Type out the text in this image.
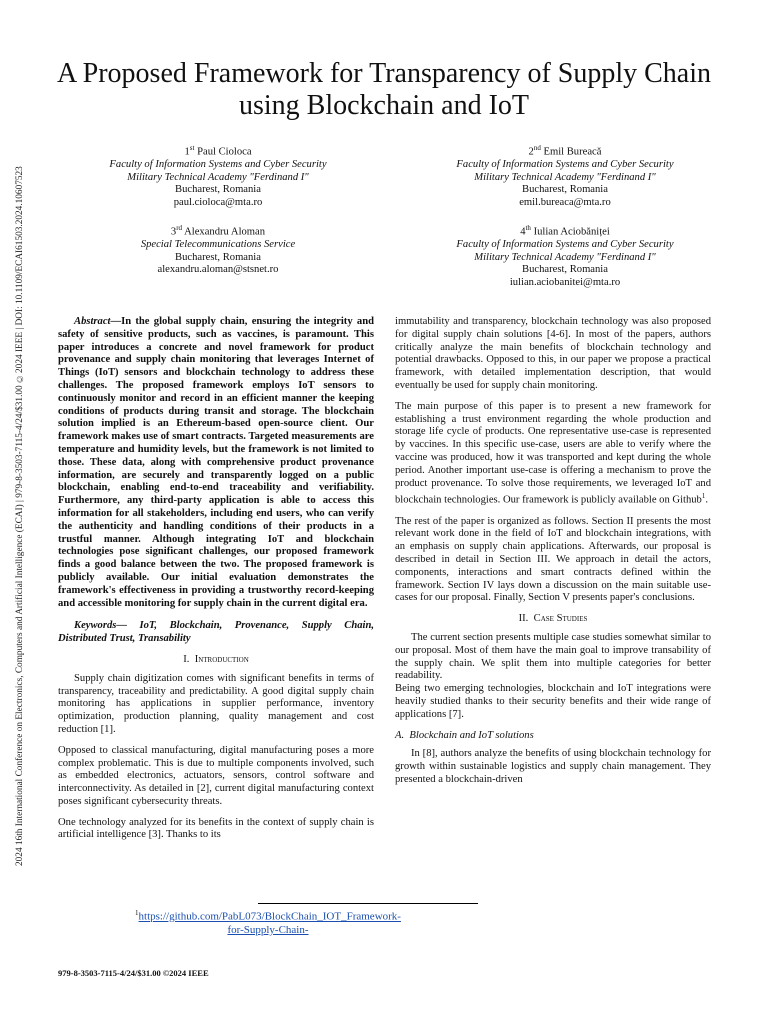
2024 16th International Conference on Electronics, Computers and Artificial Intelligence (ECAI) | 979-8-3503-7115-4/24/$31.00 ©2024 IEEE | DOI: 10.1109/ECAI61503.2024.10607523
A Proposed Framework for Transparency of Supply Chain using Blockchain and IoT
1st Paul Ciolocа
Faculty of Information Systems and Cyber Security
Military Technical Academy "Ferdinand I"
Bucharest, Romania
paul.ciolocа@mta.ro
2nd Emil Bureacă
Faculty of Information Systems and Cyber Security
Military Technical Academy "Ferdinand I"
Bucharest, Romania
emil.bureaca@mta.ro
3rd Alexandru Aloman
Special Telecommunications Service
Bucharest, Romania
alexandru.aloman@stsnet.ro
4th Iulian Aciobăniței
Faculty of Information Systems and Cyber Security
Military Technical Academy "Ferdinand I"
Bucharest, Romania
iulian.aciobanitei@mta.ro

Abstract—In the global supply chain, ensuring the integrity and safety of sensitive products, such as vaccines, is paramount. This paper introduces a concrete and novel framework for product provenance and supply chain monitoring that leverages Internet of Things (IoT) sensors and blockchain technology to address these challenges. The proposed framework employs IoT sensors to continuously monitor and record in an efficient manner the keeping conditions of products during transit and storage. The blockchain solution implied is an Ethereum-based open-source client. Our framework makes use of smart contracts. Targeted measurements are temperature and humidity levels, but the framework is not limited to those. These data, along with comprehensive product provenance information, are securely and transparently logged on a public blockchain, enabling end-to-end traceability and verifiability. Furthermore, any third-party application is able to access this information for all stakeholders, including end users, who can verify the authenticity and handling conditions of their products in a trustful manner. Although integrating IoT and blockchain technologies pose significant challenges, our proposed framework finds a good balance between the two. The proposed framework is publicly available. Our initial evaluation demonstrates the framework's effectiveness in providing a trustworthy record-keeping and accessible monitoring for supply chain in the current digital era.

Keywords— IoT, Blockchain, Provenance, Supply Chain, Distributed Trust, Transability

I. Introduction

Supply chain digitization comes with significant benefits in terms of transparency, traceability and predictability. A good digital supply chain monitoring has applications in supplier performance, inventory optimization, production planning, quality management and cost reduction [1].

Opposed to classical manufacturing, digital manufacturing poses a more complex problematic. This is due to multiple components involved, such as embedded electronics, actuators, sensors, control software and interconnectivity. As detailed in [2], current digital manufacturing context poses significant cybersecurity threats.

One technology analyzed for its benefits in the context of supply chain is artificial intelligence [3]. Thanks to its

immutability and transparency, blockchain technology was also proposed for digital supply chain solutions [4-6]. In most of the papers, authors critically analyze the main benefits of blockchain technology and potential drawbacks. Opposed to this, in our paper we propose a practical framework, with detailed implementation description, that would eventually be used for supply chain monitoring.

The main purpose of this paper is to present a new framework for establishing a trust environment regarding the whole production and storage life cycle of products. One representative use-case is represented by vaccines. In this specific use-case, users are able to verify where the vaccine was produced, how it was transported and kept during the whole period. Another important use-case is offering a mechanism to prove the product provenance. To solve those requirements, we leveraged IoT and blockchain technologies. Our framework is publicly available on Github$^1$.

The rest of the paper is organized as follows. Section II presents the most relevant work done in the field of IoT and blockchain integrations, with an emphasis on supply chain applications. Afterwards, our proposal is described in detail in Section III. We approach in detail the actors, components, interactions and smart contracts defined within the framework. Section IV lays down a discussion on the main suitable use-cases for our proposal. Finally, Section V presents paper's conclusions.

II. Case Studies

The current section presents multiple case studies somewhat similar to our proposal. Most of them have the main goal to improve transability of the supply chain. We split them into multiple categories for better readability.

Being two emerging technologies, blockchain and IoT integrations were heavily studied thanks to their security benefits and their wide range of applications [7].

A. Blockchain and IoT solutions

In [8], authors analyze the benefits of using blockchain technology for growth within sustainable logistics and supply chain management. They presented a blockchain-driven

$^1$https://github.com/PabL073/BlockChain_IOT_Framework-
for-Supply-Chain-
979-8-3503-7115-4/24/$31.00 ©2024 IEEE
